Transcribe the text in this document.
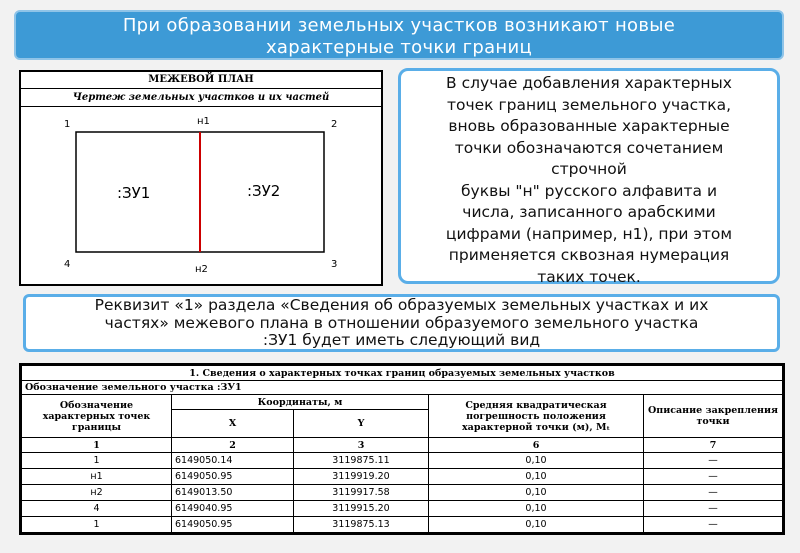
При образовании земельных участков возникают новые
характерные точки границ
МЕЖЕВОЙ ПЛАН
Чертеж земельных участков и их частей
1	н1	2
4	н2	3
:ЗУ1	:ЗУ2
В случае добавления характерных
точек границ земельного участка,
вновь образованные характерные
точки обозначаются сочетанием
строчной
буквы "н" русского алфавита и
числа, записанного арабскими
цифрами (например, н1), при этом
применяется сквозная нумерация
таких точек.
Реквизит «1» раздела «Сведения об образуемых земельных участках и их
частях» межевого плана в отношении образуемого земельного участка
:ЗУ1 будет иметь следующий вид
1. Сведения о характерных точках границ образуемых земельных участков				
Обозначение земельного участка :ЗУ1				
Обозначение характерных точек границы	Координаты, м		Средняя квадратическая погрешность положения характерной точки (м), Mₜ	Описание закрепления точки
	X	Y		
1	2	3	6	7
1	6149050.14	3119875.11	0,10	—
н1	6149050.95	3119919.20	0,10	—
н2	6149013.50	3119917.58	0,10	—
4	6149040.95	3119915.20	0,10	—
1	6149050.95	3119875.13	0,10	—
